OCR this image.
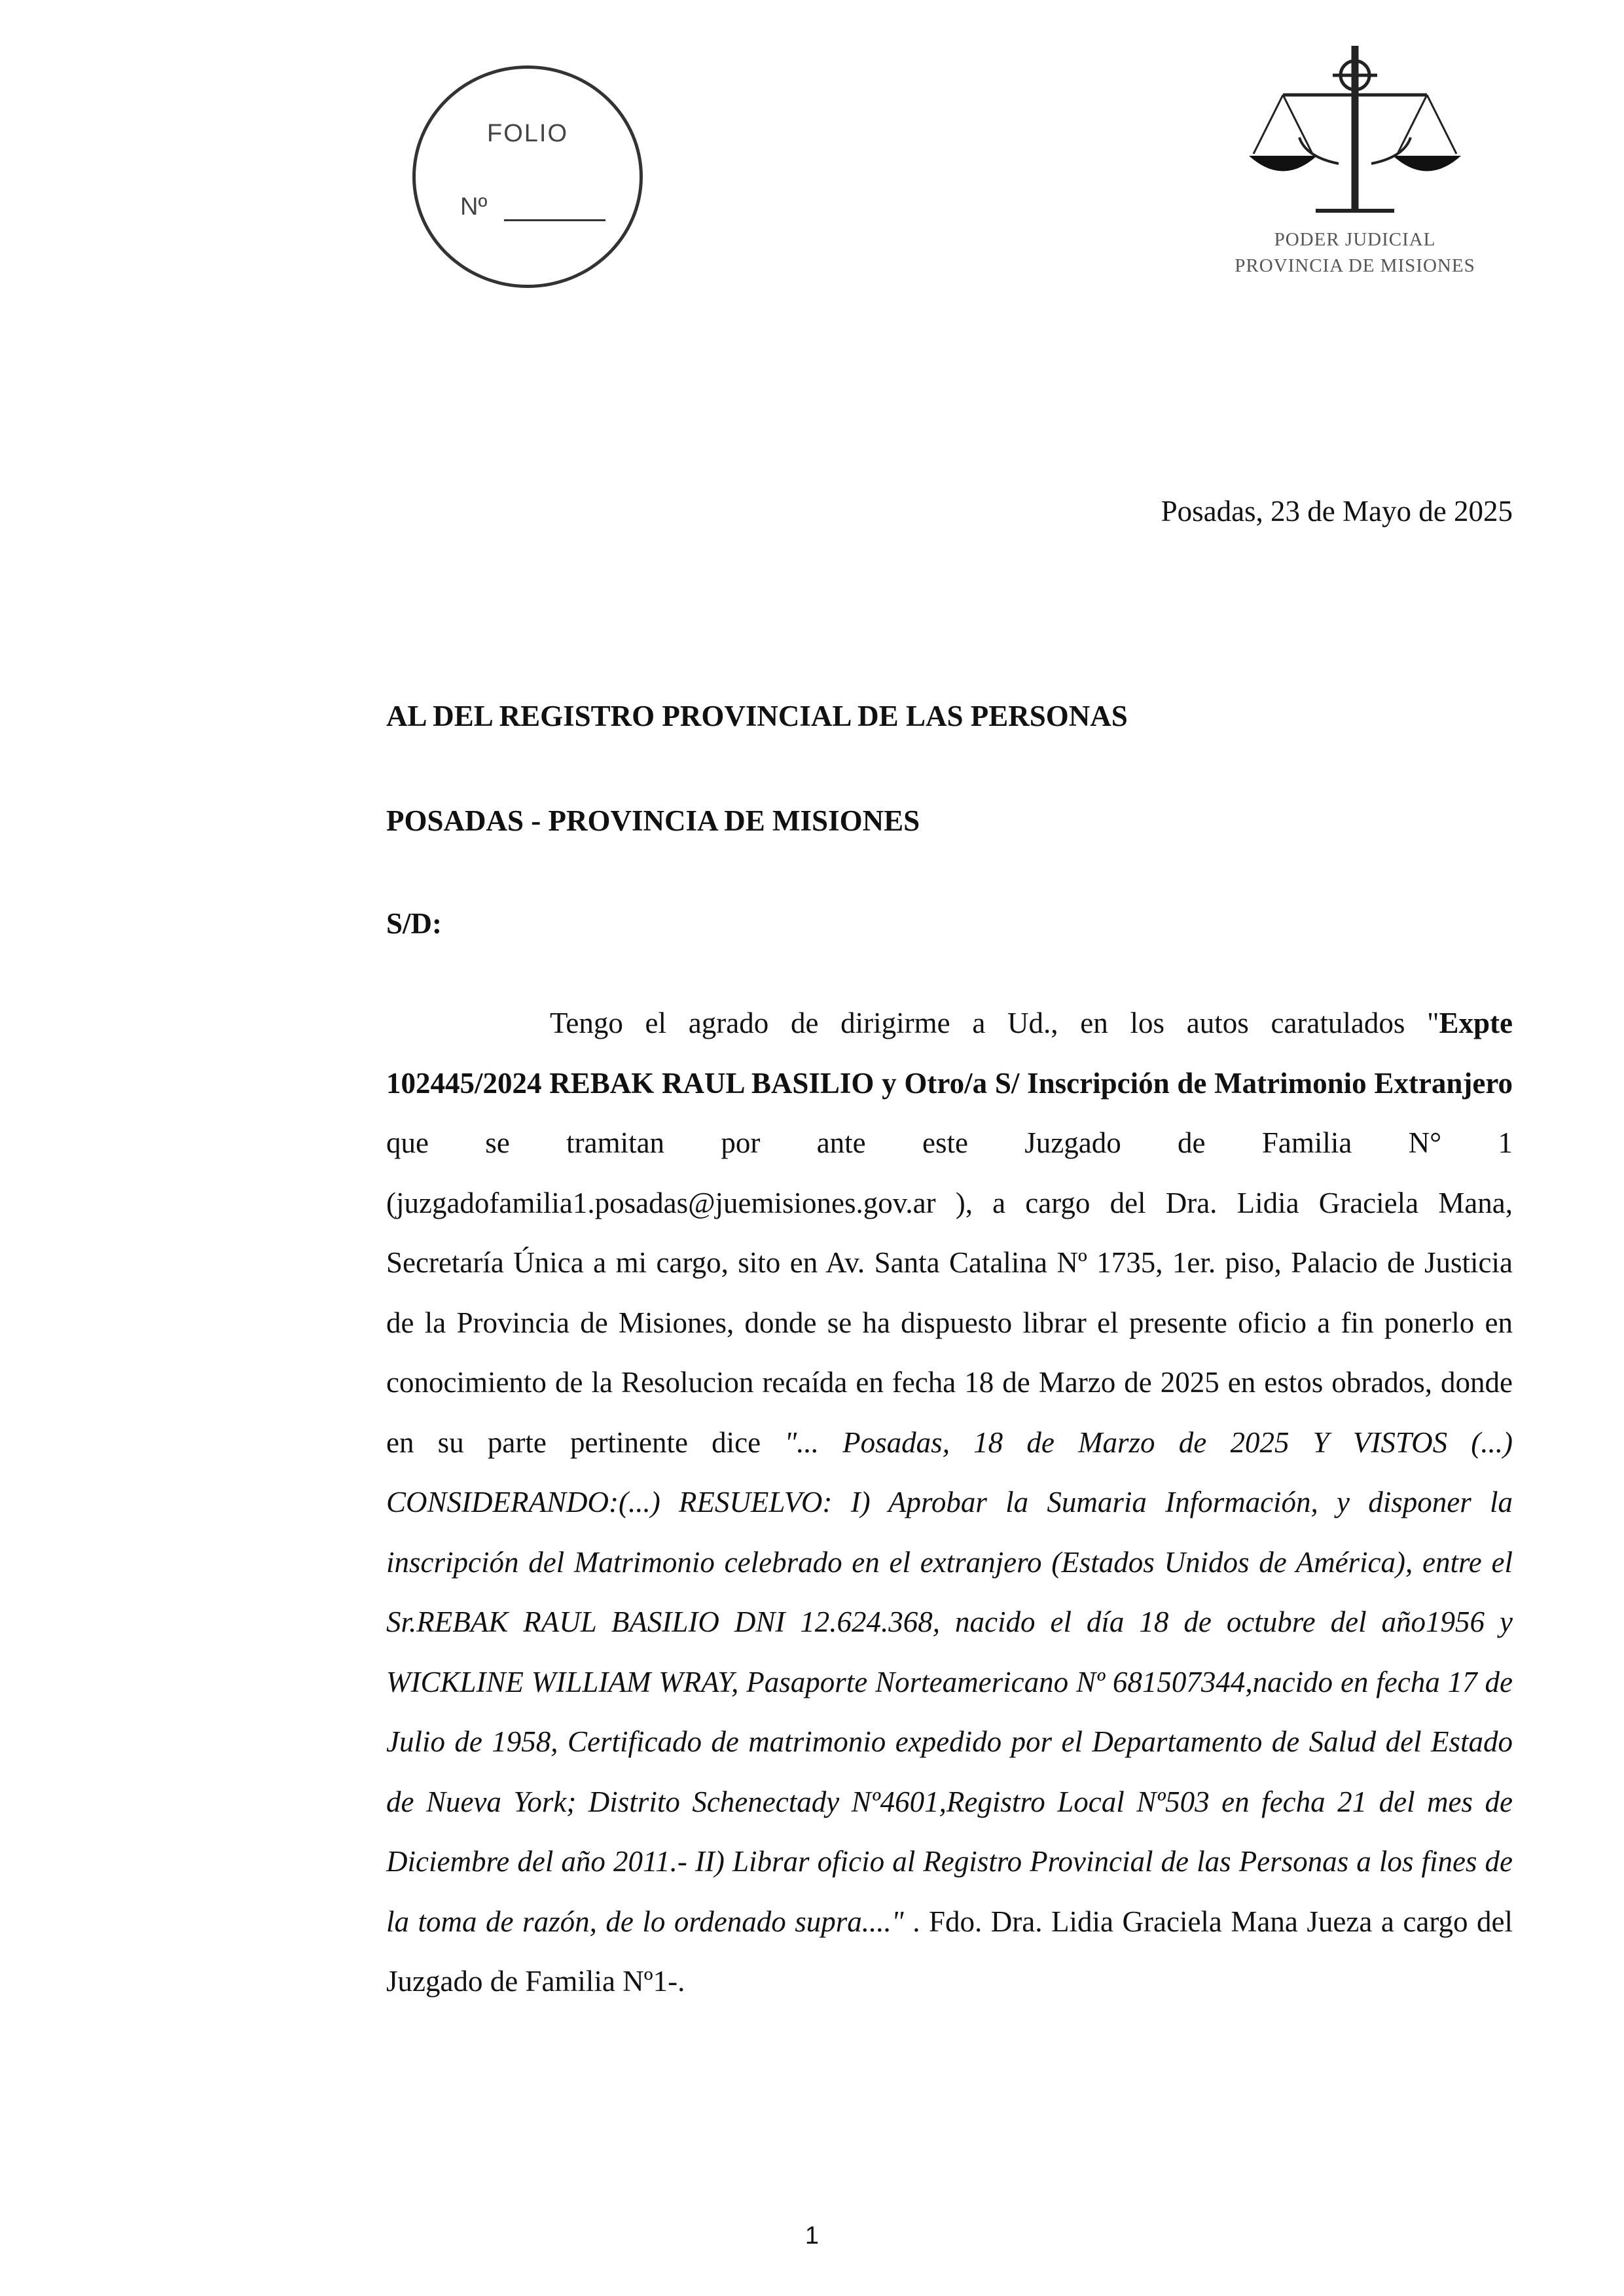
FOLIO
Nº
PODER JUDICIAL
PROVINCIA DE MISIONES
Posadas, 23 de Mayo de 2025
AL DEL REGISTRO PROVINCIAL DE LAS PERSONAS
POSADAS - PROVINCIA DE MISIONES
S/D:

Tengo el agrado de dirigirme a Ud., en los autos caratulados "Expte 102445/2024 REBAK RAUL BASILIO y Otro/a S/ Inscripción de Matrimonio Extranjero que se tramitan por ante este Juzgado de Familia N° 1 (juzgadofamilia1.posadas@juemisiones.gov.ar ), a cargo del Dra. Lidia Graciela Mana, Secretaría Única a mi cargo, sito en Av. Santa Catalina Nº 1735, 1er. piso, Palacio de Justicia de la Provincia de Misiones, donde se ha dispuesto librar el presente oficio a fin ponerlo en conocimiento de la Resolucion recaída en fecha 18 de Marzo de 2025 en estos obrados, donde en su parte pertinente dice "... Posadas, 18 de Marzo de 2025 Y VISTOS (...) CONSIDERANDO:(...) RESUELVO: I) Aprobar la Sumaria Información, y disponer la inscripción del Matrimonio celebrado en el extranjero (Estados Unidos de América), entre el Sr.REBAK RAUL BASILIO DNI 12.624.368, nacido el día 18 de octubre del año1956 y WICKLINE WILLIAM WRAY, Pasaporte Norteamericano Nº 681507344,nacido en fecha 17 de Julio de 1958, Certificado de matrimonio expedido por el Departamento de Salud del Estado de Nueva York; Distrito Schenectady Nº4601,Registro Local Nº503 en fecha 21 del mes de Diciembre del año 2011.- II) Librar oficio al Registro Provincial de las Personas a los fines de la toma de razón, de lo ordenado supra...." . Fdo. Dra. Lidia Graciela Mana Jueza a cargo del Juzgado de Familia Nº1-.

1
